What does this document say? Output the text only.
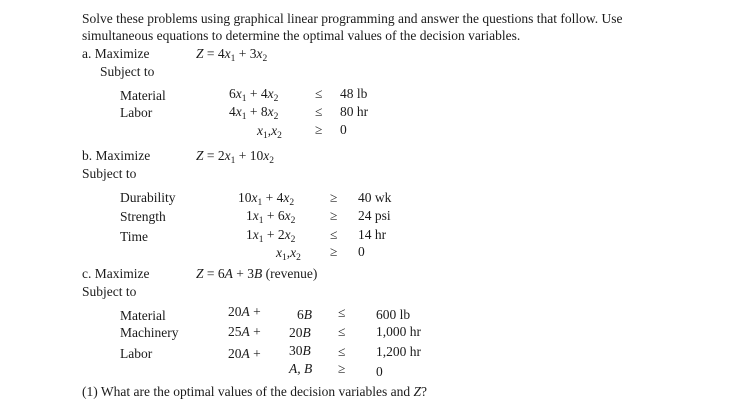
Solve these problems using graphical linear programming and answer the questions that follow. Use
simultaneous equations to determine the optimal values of the decision variables.
a. Maximize	$Z = 4x_1 + 3x_2$
Subject to
Material	$6x_1 + 4x_2$	≤ 48 lb
Labor	$4x_1 + 8x_2$	≤ 80 hr
$x_1,x_2 \ge 0$
b. Maximize	$Z = 2x_1 + 10x_2$
Subject to
Durability	$10x_1 + 4x_2$	≥ 40 wk
Strength	$1x_1 + 6x_2$	≥ 24 psi
Time	$1x_1 + 2x_2$	≤ 14 hr
$x_1,x_2 \ge 0$
c. Maximize	Z = 6A + 3B (revenue)
Subject to
Material	20A +	6B ≤ 600 lb
Machinery	25A + 20B ≤ 1,000 hr
Labor	20A + 30B ≤ 1,200 hr
A, B ≥ 0
(1) What are the optimal values of the decision variables and Z?
